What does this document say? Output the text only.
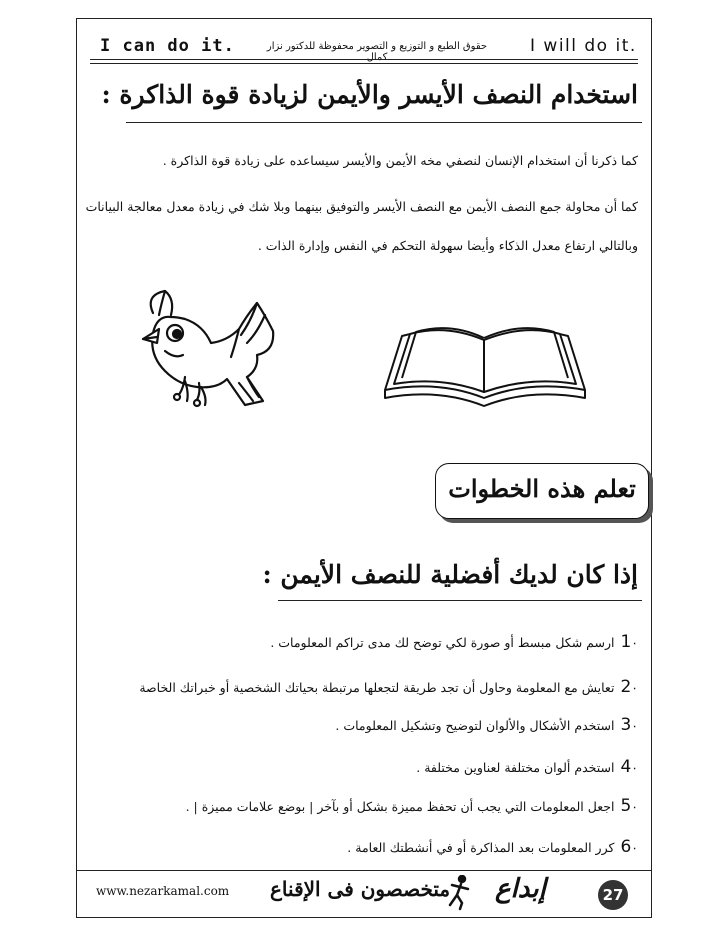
I can do it.	حقوق الطبع و التوزيع و التصوير محفوظة للدكتور نزار كمال
I will do it.
استخدام النصف الأيسر والأيمن لزيادة قوة الذاكرة :
كما ذكرنا أن استخدام الإنسان لنصفي مخه الأيمن والأيسر سيساعده على زيادة قوة الذاكرة .
كما أن محاولة جمع النصف الأيمن مع النصف الأيسر والتوفيق بينهما وبلا شك في زيادة معدل معالجة البيانات
وبالتالي ارتفاع معدل الذكاء وأيضا سهولة التحكم في النفس وإدارة الذات .
تعلم هذه الخطوات
إذا كان لديك أفضلية للنصف الأيمن :
1٠ارسم شكل مبسط أو صورة لكي توضح لك مدى تراكم المعلومات .
2٠تعايش مع المعلومة وحاول أن تجد طريقة لتجعلها مرتبطة بحياتك الشخصية أو خبراتك الخاصة
3٠استخدم الأشكال والألوان لتوضيح وتشكيل المعلومات .
4٠استخدم ألوان مختلفة لعناوين مختلفة .
5٠اجعل المعلومات التي يجب أن تحفظ مميزة بشكل أو بآخر | بوضع علامات مميزة | .
6٠كرر المعلومات بعد المذاكرة أو في أنشطتك العامة .
www.nezarkamal.com متخصصون فى الإقناع إبداع	27
